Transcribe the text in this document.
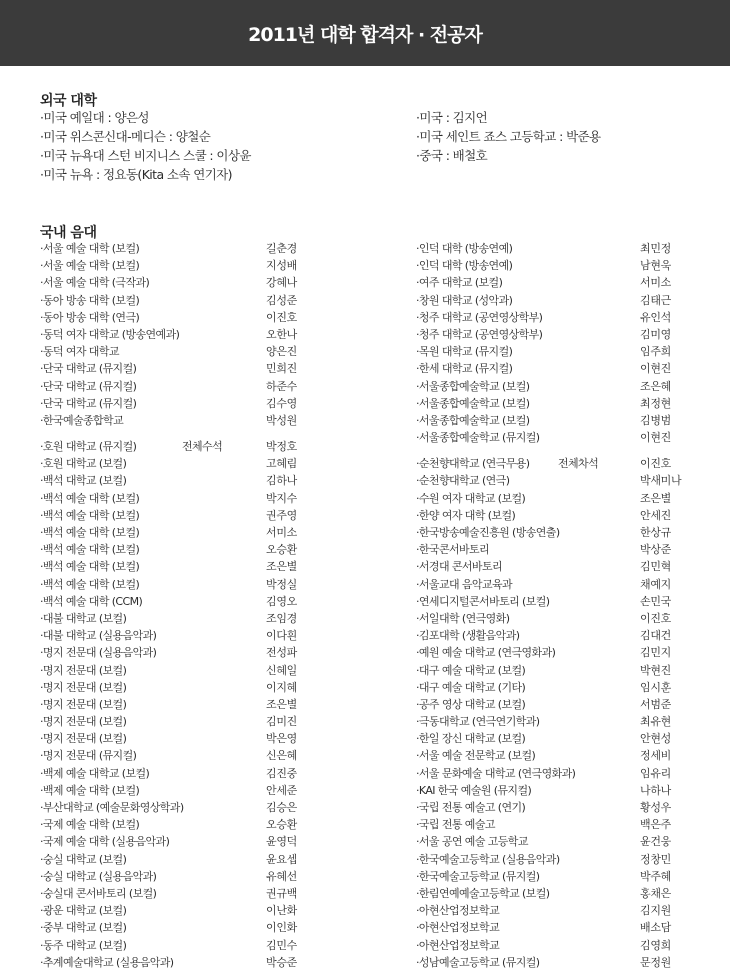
2011년 대학 합격자 · 전공자
외국 대학
·미국 예일대 : 양은성
·미국 위스콘신대-메디슨 : 양철순
·미국 뉴욕대 스턴 비지니스 스쿨 : 이상윤
·미국 뉴욕 : 정요동(Kita 소속 연기자)
·미국 : 김지언
·미국 세인트 죠스 고등학교 : 박준용
·중국 : 배철호
국내 음대
·서울 예술 대학 (보컬)	길춘경
·서울 예술 대학 (보컬)	지성배
·서울 예술 대학 (극작과)	강혜나
·동아 방송 대학 (보컬)	김성준
·동아 방송 대학 (연극)	이진호
·동덕 여자 대학교 (방송연예과)	오한나
·동덕 여자 대학교	양은진
·단국 대학교 (뮤지컬)	민희진
·단국 대학교 (뮤지컬)	하준수
·단국 대학교 (뮤지컬)	김수영
·한국예술종합학교	박성원
·호원 대학교 (뮤지컬)	전체수석	박정호
·호원 대학교 (보컬)	고혜림
·백석 대학교 (보컬)	김하나
·백석 예술 대학 (보컬)	박지수
·백석 예술 대학 (보컬)	권주영
·백석 예술 대학 (보컬)	서미소
·백석 예술 대학 (보컬)	오승환
·백석 예술 대학 (보컬)	조은별
·백석 예술 대학 (보컬)	박정실
·백석 예술 대학 (CCM)	김영오
·대불 대학교 (보컬)	조임경
·대불 대학교 (실용음악과)	이다흰
·명지 전문대 (실용음악과)	전성파
·명지 전문대 (보컬)	신혜일
·명지 전문대 (보컬)	이지혜
·명지 전문대 (보컬)	조은별
·명지 전문대 (보컬)	김미진
·명지 전문대 (보컬)	박은영
·명지 전문대 (뮤지컬)	신은혜
·백제 예술 대학교 (보컬)	김진중
·백제 예술 대학 (보컬)	안세준
·부산대학교 (예술문화영상학과)	김승은
·국제 예술 대학 (보컬)	오승환
·국제 예술 대학 (실용음악과)	윤영덕
·숭실 대학교 (보컬)	윤요셉
·숭실 대학교 (실용음악과)	유혜선
·숭실대 콘서바토리 (보컬)	권규백
·광운 대학교 (보컬)	이난화
·중부 대학교 (보컬)	이인화
·동주 대학교 (보컬)	김민수
·추계예술대학교 (실용음악과)	박승준
·인덕 대학 (방송연예)	최민정
·인덕 대학 (방송연예)	남현욱
·여주 대학교 (보컬)	서미소
·창원 대학교 (성악과)	김태근
·청주 대학교 (공연영상학부)	유인석
·청주 대학교 (공연영상학부)	김미영
·목원 대학교 (뮤지컬)	임주희
·한세 대학교 (뮤지컬)	이현진
·서울종합예술학교 (보컬)	조은혜
·서울종합예술학교 (보컬)	최정현
·서울종합예술학교 (보컬)	김병범
·서울종합예술학교 (뮤지컬)	이현진
·순천향대학교 (연극무용)	전체차석	이진호
·순천향대학교 (연극)	박새미나
·수원 여자 대학교 (보컬)	조은별
·한양 여자 대학 (보컬)	안세진
·한국방송예술진흥원 (방송연출)	한상규
·한국콘서바토리	박상준
·서경대 콘서바토리	김민혁
·서울교대 음악교육과	채예지
·연세디지털콘서바토리 (보컬)	손민국
·서일대학 (연극영화)	이진호
·김포대학 (생활음악과)	김대건
·예원 예술 대학교 (연극영화과)	김민지
·대구 예술 대학교 (보컬)	박현진
·대구 예술 대학교 (기타)	임시훈
·공주 영상 대학교 (보컬)	서범준
·극동대학교 (연극연기학과)	최유현
·한일 장신 대학교 (보컬)	안현성
·서울 예술 전문학교 (보컬)	정세비
·서울 문화예술 대학교 (연극영화과)	임유리
·KAI 한국 예술원 (뮤지컬)	나하나
·국립 전통 예술고 (연기)	황성우
·국립 전통 예술고	백은주
·서울 공연 예술 고등학교	윤건웅
·한국예술고등학교 (실용음악과)	정창민
·한국예술고등학교 (뮤지컬)	박주혜
·한림연예예술고등학교 (보컬)	홍채은
·아현산업정보학교	김지원
·아현산업정보학교	배소담
·아현산업정보학교	김영희
·성남예술고등학교 (뮤지컬)	문정원
